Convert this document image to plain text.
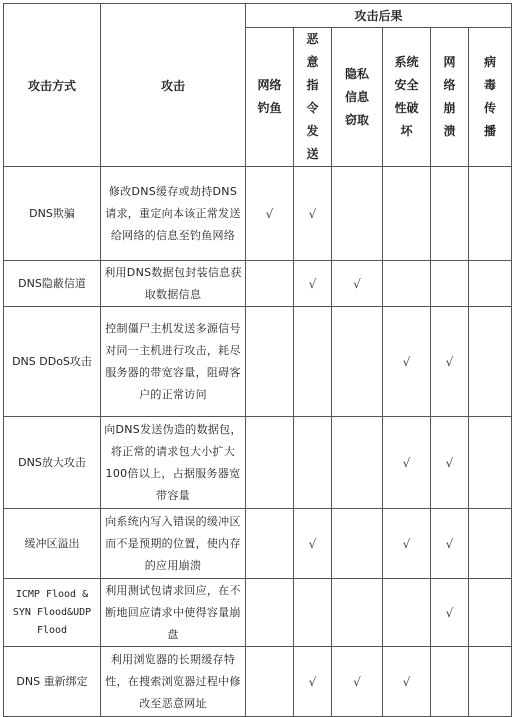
攻击方式	攻击	攻击后果					

		网络钓鱼	恶意指令发送	隐私信息窃取	系统安全性破坏	网络崩溃	病毒传播

DNS欺骗	修改DNS缓存或劫持DNS请求，重定向本该正常发送给网络的信息至钓鱼网络	√	√				
DNS隐蔽信道	利用DNS数据包封装信息获取数据信息		√	√			
DNS DDoS攻击	控制僵尸主机发送多源信号对同一主机进行攻击，耗尽服务器的带宽容量，阻碍客户的正常访问				√	√	
DNS放大攻击	向DNS发送伪造的数据包，将正常的请求包大小扩大100倍以上，占据服务器宽带容量				√	√	
缓冲区溢出	向系统内写入错误的缓冲区而不是预期的位置，使内存的应用崩溃		√		√	√	
ICMP Flood & SYN Flood&UDP Flood	利用测试包请求回应，在不断地回应请求中使得容量崩盘					√	
DNS 重新绑定	利用浏览器的长期缓存特性，在搜索浏览器过程中修改至恶意网址		√	√	√		
